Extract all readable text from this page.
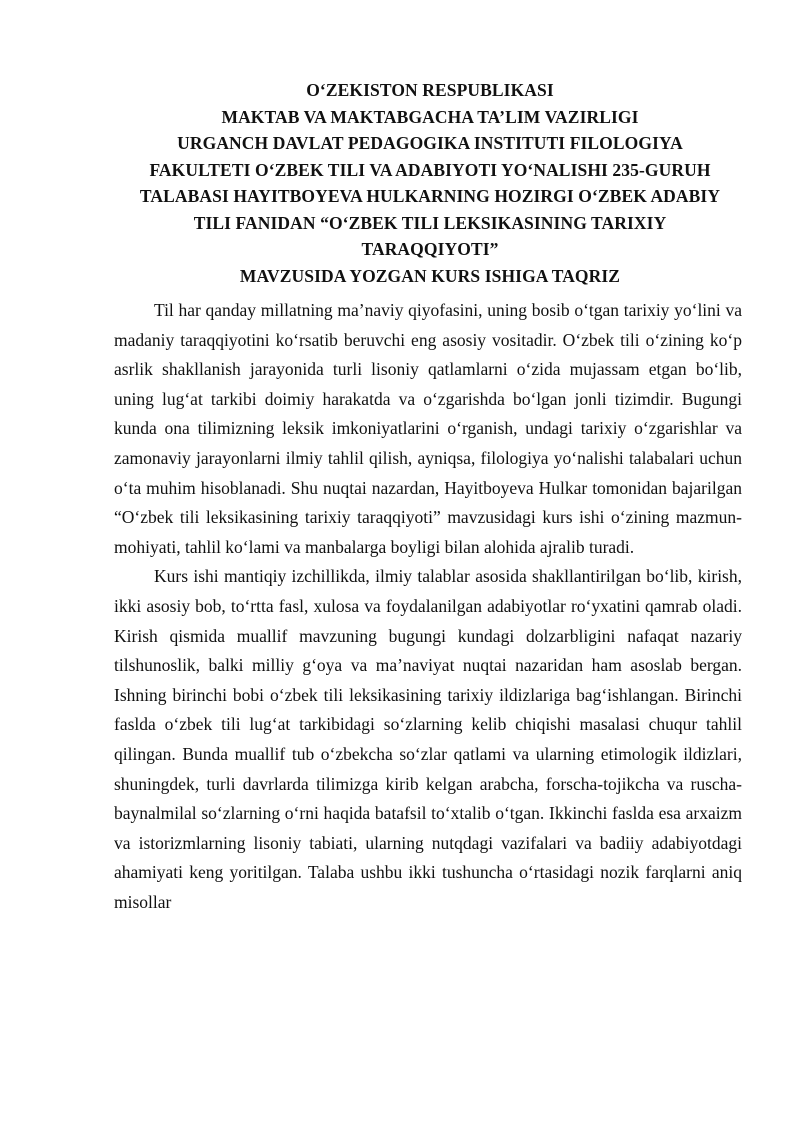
O‘ZEKISTON RESPUBLIKASI
MAKTAB VA MAKTABGACHA TA’LIM VAZIRLIGI
URGANCH DAVLAT PEDAGOGIKA INSTITUTI FILOLOGIYA
FAKULTETI O‘ZBEK TILI VA ADABIYOTI YO‘NALISHI 235-GURUH
TALABASI HAYITBOYEVA HULKARNING HOZIRGI O‘ZBEK ADABIY
TILI FANIDAN “O‘ZBEK TILI LEKSIKASINING TARIXIY
TARAQQIYOTI”
MAVZUSIDA YOZGAN KURS ISHIGA TAQRIZ

Til har qanday millatning ma’naviy qiyofasini, uning bosib o‘tgan tarixiy yo‘lini va madaniy taraqqiyotini ko‘rsatib beruvchi eng asosiy vositadir. O‘zbek tili o‘zining ko‘p asrlik shakllanish jarayonida turli lisoniy qatlamlarni o‘zida mujassam etgan bo‘lib, uning lug‘at tarkibi doimiy harakatda va o‘zgarishda bo‘lgan jonli tizimdir. Bugungi kunda ona tilimizning leksik imkoniyatlarini o‘rganish, undagi tarixiy o‘zgarishlar va zamonaviy jarayonlarni ilmiy tahlil qilish, ayniqsa, filologiya yo‘nalishi talabalari uchun o‘ta muhim hisoblanadi. Shu nuqtai nazardan, Hayitboyeva Hulkar tomonidan bajarilgan “O‘zbek tili leksikasining tarixiy taraqqiyoti” mavzusidagi kurs ishi o‘zining mazmun-mohiyati, tahlil ko‘lami va manbalarga boyligi bilan alohida ajralib turadi.

Kurs ishi mantiqiy izchillikda, ilmiy talablar asosida shakllantirilgan bo‘lib, kirish, ikki asosiy bob, to‘rtta fasl, xulosa va foydalanilgan adabiyotlar ro‘yxatini qamrab oladi. Kirish qismida muallif mavzuning bugungi kundagi dolzarbligini nafaqat nazariy tilshunoslik, balki milliy g‘oya va ma’naviyat nuqtai nazaridan ham asoslab bergan. Ishning birinchi bobi o‘zbek tili leksikasining tarixiy ildizlariga bag‘ishlangan. Birinchi faslda o‘zbek tili lug‘at tarkibidagi so‘zlarning kelib chiqishi masalasi chuqur tahlil qilingan. Bunda muallif tub o‘zbekcha so‘zlar qatlami va ularning etimologik ildizlari, shuningdek, turli davrlarda tilimizga kirib kelgan arabcha, forscha-tojikcha va ruscha-baynalmilal so‘zlarning o‘rni haqida batafsil to‘xtalib o‘tgan. Ikkinchi faslda esa arxaizm va istorizmlarning lisoniy tabiati, ularning nutqdagi vazifalari va badiiy adabiyotdagi ahamiyati keng yoritilgan. Talaba ushbu ikki tushuncha o‘rtasidagi nozik farqlarni aniq misollar
